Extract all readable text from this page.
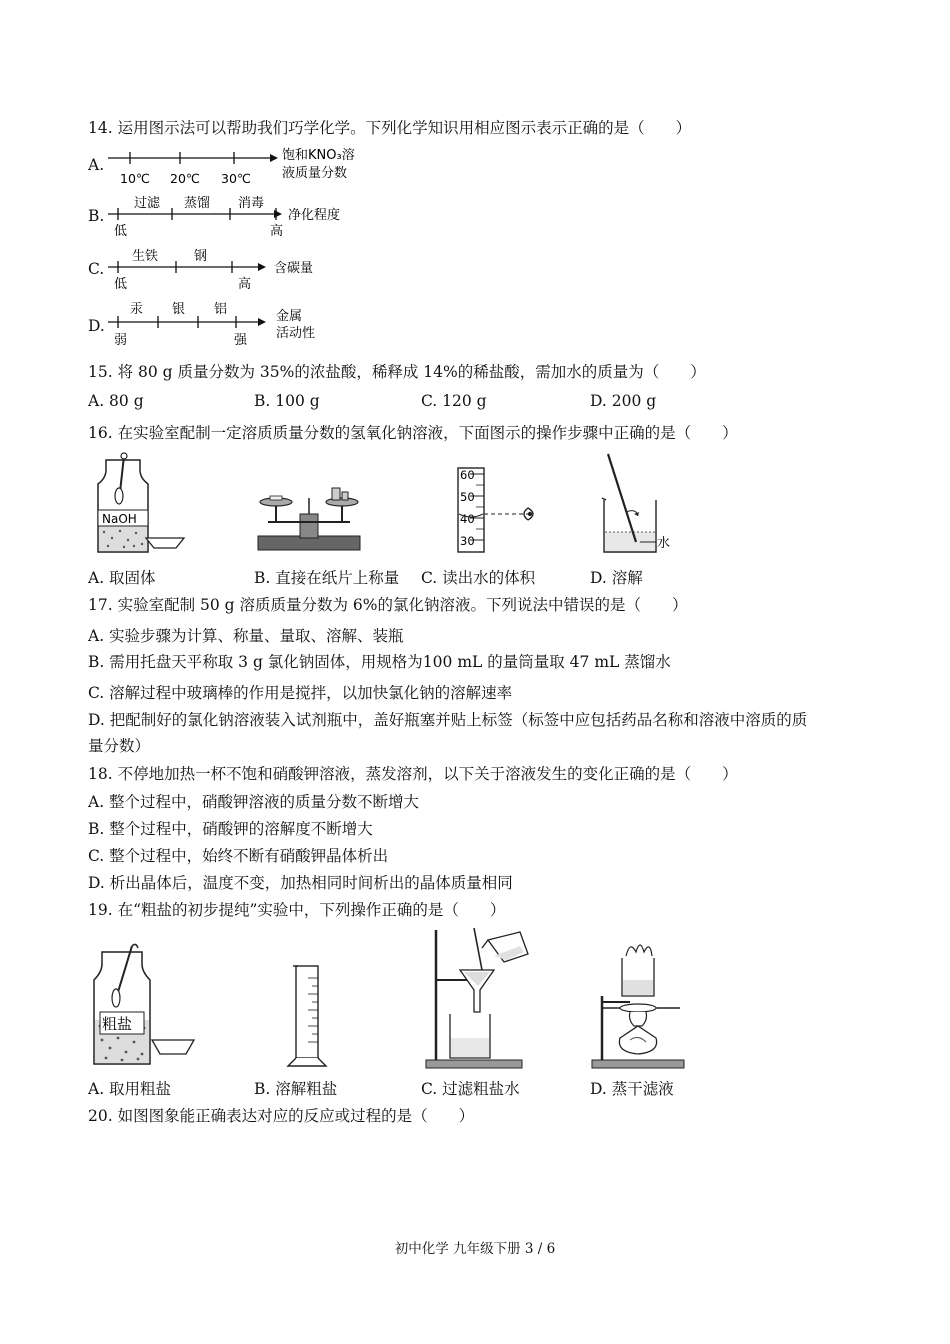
14. 运用图示法可以帮助我们巧学化学。下列化学知识用相应图示表示正确的是（　　）
A.
10℃ 20℃ 30℃
饱和KNO₃溶
液质量分数
B.
过滤 蒸馏 消毒
低	高
净化程度
C.
生铁	钢
低	高
含碳量
D.
汞 银 铝
弱	强
金属
活动性
15. 将 80 g 质量分数为 35%的浓盐酸，稀释成 14%的稀盐酸，需加水的质量为（　　）
A. 80 g	B. 100 g	C. 120 g	D. 200 g
16. 在实验室配制一定溶质质量分数的氢氧化钠溶液，下面图示的操作步骤中正确的是（　　）
NaOH
60
50
40
30	水
A. 取固体	B. 直接在纸片上称量 C. 读出水的体积	D. 溶解
17. 实验室配制 50 g 溶质质量分数为 6%的氯化钠溶液。下列说法中错误的是（　　）
A. 实验步骤为计算、称量、量取、溶解、装瓶
B. 需用托盘天平称取 3 g 氯化钠固体，用规格为100 mL 的量筒量取 47 mL 蒸馏水
C. 溶解过程中玻璃棒的作用是搅拌，以加快氯化钠的溶解速率
D. 把配制好的氯化钠溶液装入试剂瓶中，盖好瓶塞并贴上标签（标签中应包括药品名称和溶液中溶质的质
量分数）
18. 不停地加热一杯不饱和硝酸钾溶液，蒸发溶剂，以下关于溶液发生的变化正确的是（　　）
A. 整个过程中，硝酸钾溶液的质量分数不断增大
B. 整个过程中，硝酸钾的溶解度不断增大
C. 整个过程中，始终不断有硝酸钾晶体析出
D. 析出晶体后，温度不变，加热相同时间析出的晶体质量相同
19. 在“粗盐的初步提纯”实验中，下列操作正确的是（　　）
粗盐
A. 取用粗盐	B. 溶解粗盐	C. 过滤粗盐水	D. 蒸干滤液
20. 如图图象能正确表达对应的反应或过程的是（　　）
初中化学 九年级下册 3 / 6
